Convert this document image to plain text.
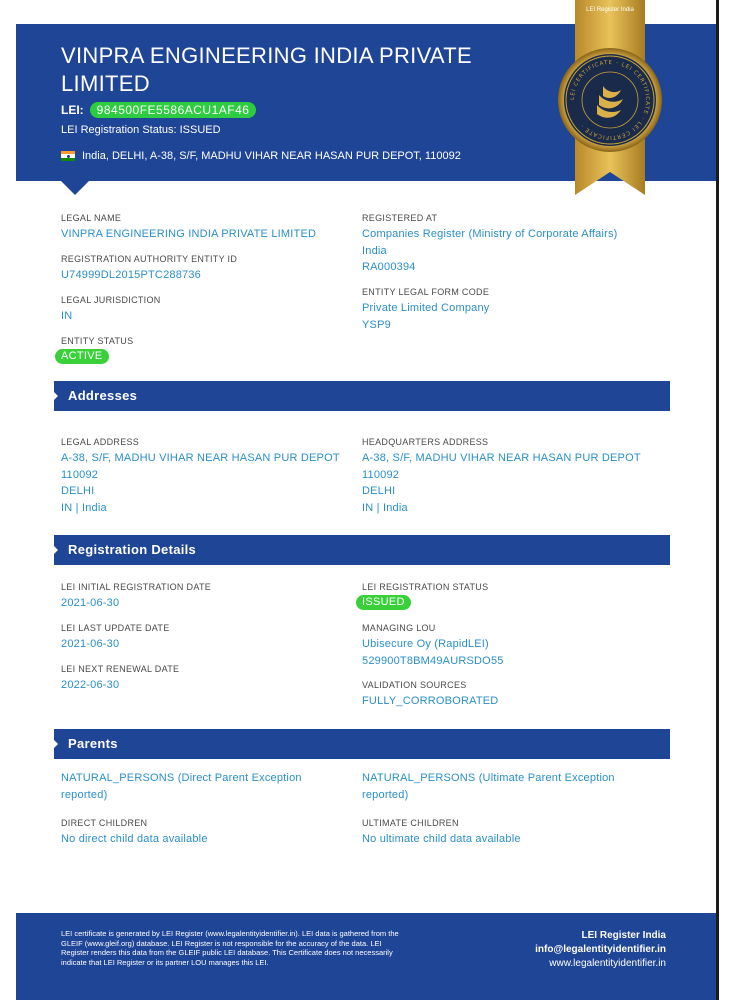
VINPRA ENGINEERING INDIA PRIVATE LIMITED
LEI:	984500FE5586ACU1AF46
LEI Registration Status: ISSUED
India, DELHI, A-38, S/F, MADHU VIHAR NEAR HASAN PUR DEPOT, 110092
LEI CERTIFICATE · LEI CERTIFICATE · LEI CERTIFICATE ·
LEI Register India
LEGAL NAME
VINPRA ENGINEERING INDIA PRIVATE LIMITED
REGISTRATION AUTHORITY ENTITY ID
U74999DL2015PTC288736
LEGAL JURISDICTION
IN
ENTITY STATUS
ACTIVE
REGISTERED AT
Companies Register (Ministry of Corporate Affairs)
India
RA000394
ENTITY LEGAL FORM CODE
Private Limited Company
YSP9
Addresses
LEGAL ADDRESS
A-38, S/F, MADHU VIHAR NEAR HASAN PUR DEPOT
110092
DELHI
IN | India
HEADQUARTERS ADDRESS
A-38, S/F, MADHU VIHAR NEAR HASAN PUR DEPOT
110092
DELHI
IN | India
Registration Details
LEI INITIAL REGISTRATION DATE
2021-06-30
LEI LAST UPDATE DATE
2021-06-30
LEI NEXT RENEWAL DATE
2022-06-30
LEI REGISTRATION STATUS
ISSUED
MANAGING LOU
Ubisecure Oy (RapidLEI)
529900T8BM49AURSDO55
VALIDATION SOURCES
FULLY_CORROBORATED
Parents
NATURAL_PERSONS (Direct Parent Exception
reported)
NATURAL_PERSONS (Ultimate Parent Exception
reported)
DIRECT CHILDREN
No direct child data available
ULTIMATE CHILDREN
No ultimate child data available
LEI certificate is generated by LEI Register (www.legalentityidentifier.in). LEI data is gathered from the GLEIF (www.gleif.org) database. LEI Register is not responsible for the accuracy of the data. LEI Register renders this data from the GLEIF public LEI database. This Certificate does not necessarily indicate that LEI Register or its partner LOU manages this LEI.
LEI Register India
info@legalentityidentifier.in
www.legalentityidentifier.in
